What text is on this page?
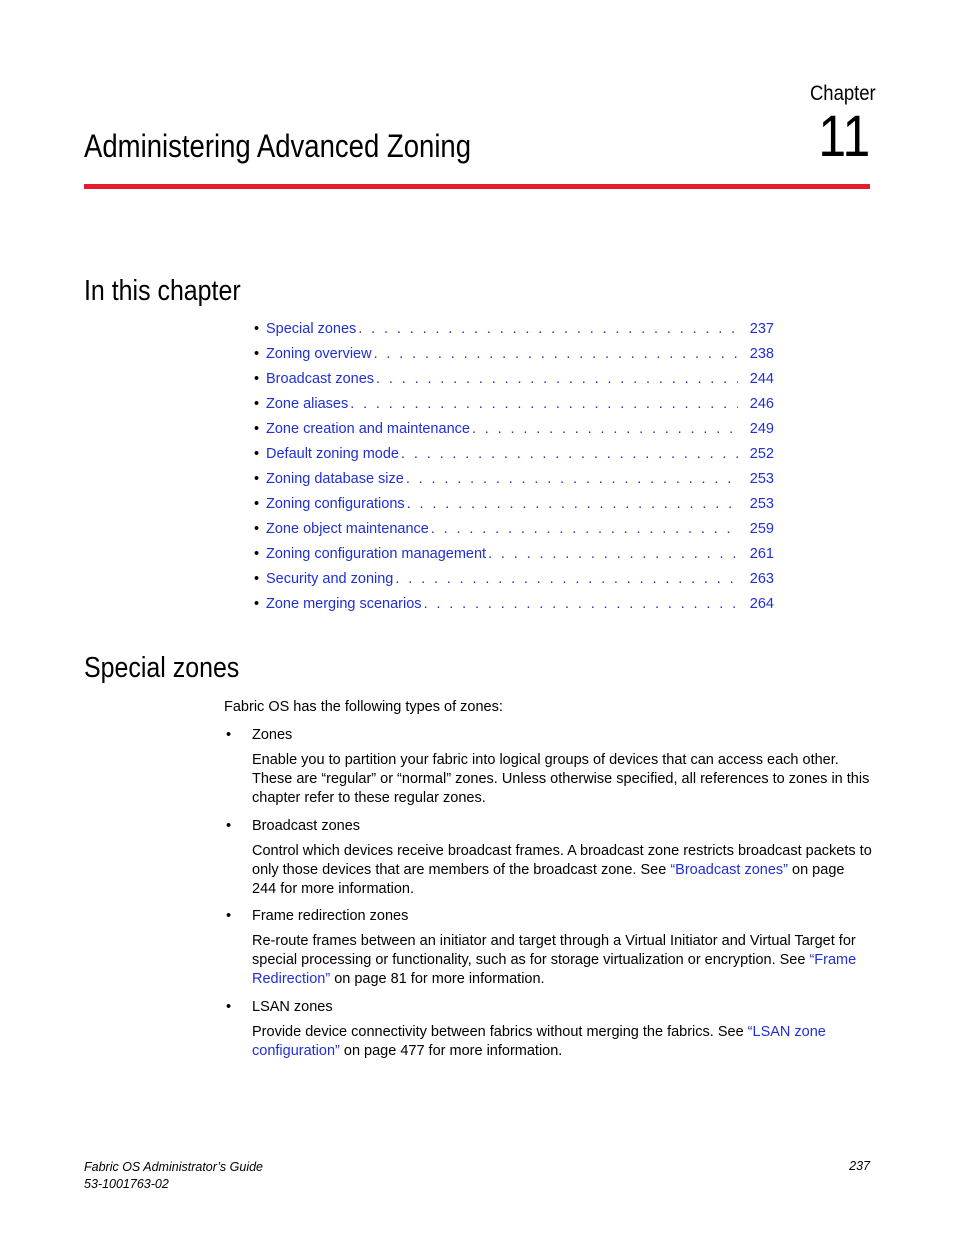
Chapter
11
Administering Advanced Zoning
In this chapter
• Special zones . . .	237
• Zoning overview . . .	238
• Broadcast zones . . .	244
• Zone aliases . . .	246
• Zone creation and maintenance . . .	249
• Default zoning mode . . .	252
• Zoning database size . . .	253
• Zoning configurations . . .	253
• Zone object maintenance . . .	259
• Zoning configuration management . . .	261
• Security and zoning . . .	263
• Zone merging scenarios . . .	264
Special zones
Fabric OS has the following types of zones:
• Zones
Enable you to partition your fabric into logical groups of devices that can access each other. These are “regular” or “normal” zones. Unless otherwise specified, all references to zones in this chapter refer to these regular zones.
• Broadcast zones
Control which devices receive broadcast frames. A broadcast zone restricts broadcast packets to only those devices that are members of the broadcast zone. See “Broadcast zones” on page 244 for more information.
• Frame redirection zones
Re-route frames between an initiator and target through a Virtual Initiator and Virtual Target for special processing or functionality, such as for storage virtualization or encryption. See “Frame Redirection” on page 81 for more information.
• LSAN zones
Provide device connectivity between fabrics without merging the fabrics. See “LSAN zone configuration” on page 477 for more information.
Fabric OS Administrator’s Guide
53-1001763-02
237
